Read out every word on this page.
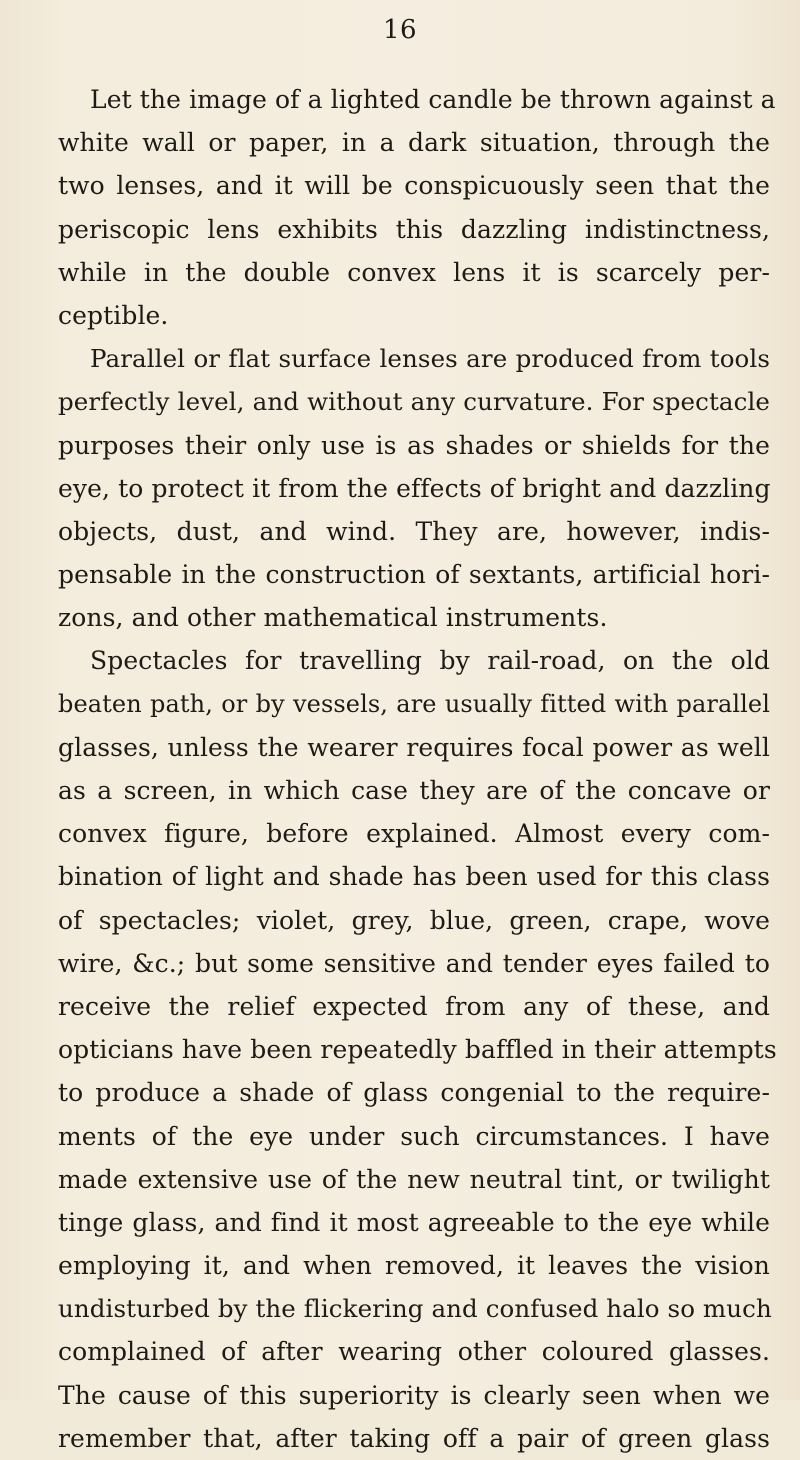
16
Let the image of a lighted candle be thrown against a
white wall or paper, in a dark situation, through the
two lenses, and it will be conspicuously seen that the
periscopic lens exhibits this dazzling indistinctness,
while in the double convex lens it is scarcely per-
ceptible.
Parallel or flat surface lenses are produced from tools
perfectly level, and without any curvature. For spectacle
purposes their only use is as shades or shields for the
eye, to protect it from the effects of bright and dazzling
objects, dust, and wind. They are, however, indis-
pensable in the construction of sextants, artificial hori-
zons, and other mathematical instruments.
Spectacles for travelling by rail-road, on the old
beaten path, or by vessels, are usually fitted with parallel
glasses, unless the wearer requires focal power as well
as a screen, in which case they are of the concave or
convex figure, before explained. Almost every com-
bination of light and shade has been used for this class
of spectacles; violet, grey, blue, green, crape, wove
wire, &c.; but some sensitive and tender eyes failed to
receive the relief expected from any of these, and
opticians have been repeatedly baffled in their attempts
to produce a shade of glass congenial to the require-
ments of the eye under such circumstances. I have
made extensive use of the new neutral tint, or twilight
tinge glass, and find it most agreeable to the eye while
employing it, and when removed, it leaves the vision
undisturbed by the flickering and confused halo so much
complained of after wearing other coloured glasses.
The cause of this superiority is clearly seen when we
remember that, after taking off a pair of green glass
